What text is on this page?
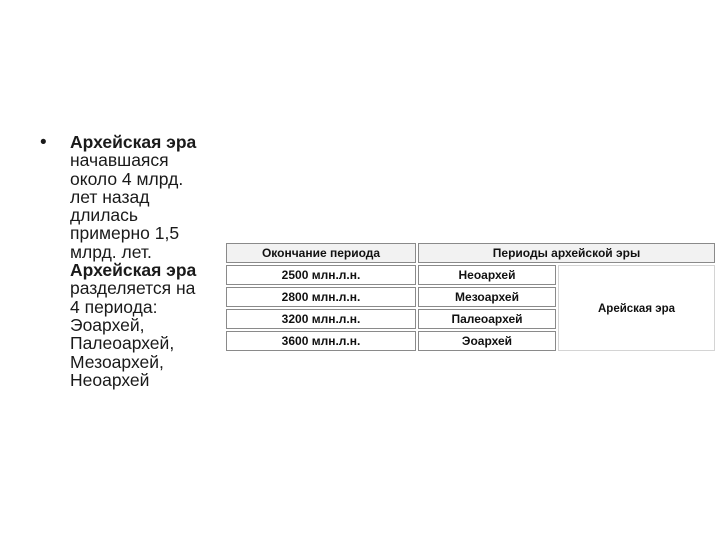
• Архейская эра
начавшаяся
около 4 млрд.
лет назад
длилась
примерно 1,5
млрд. лет.
Архейская эра
разделяется на
4 периода:
Эоархей,
Палеоархей,
Мезоархей,
Неоархей
Окончание периода	Периоды архейской эры	
2500 млн.л.н.	Неоархей	Арейская эра
2800 млн.л.н.	Мезоархей	
3200 млн.л.н.	Палеоархей	
3600 млн.л.н.	Эоархей	
